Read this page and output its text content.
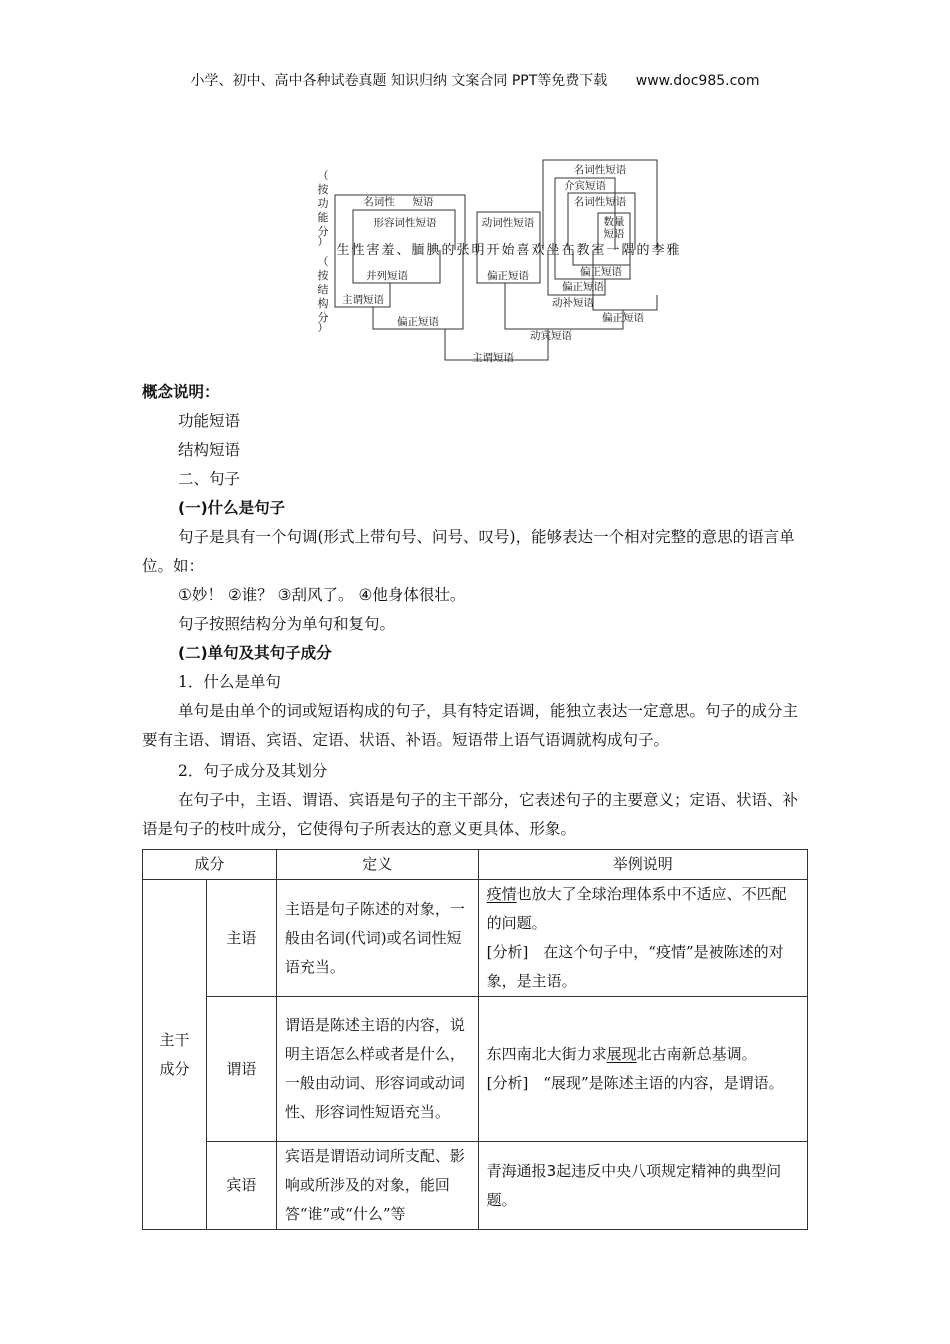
小学、初中、高中各种试卷真题 知识归纳 文案合同 PPT等免费下载 www.doc985.com
（
按
功
能
分
）
（
按
结
构
分
）
名词性 短语
形容词性短语	动词性短语
名词性短语
介宾短语
名词性短语
数量
短语
并列短语
主谓短语
偏正短语
偏正短语	偏正短语
偏正短语
动补短语
偏正短语
动宾短语
主谓短语
生 性 害 羞 、 腼 腆 的 张 明 开 始 喜 欢 坐 在 教 室 一 隅 的 李 雅
概念说明：
功能短语
结构短语
二、句子
(一)什么是句子
句子是具有一个句调(形式上带句号、问号、叹号)，能够表达一个相对完整的意思的语言单位。如：
①妙！ ②谁？ ③刮风了。 ④他身体很壮。
句子按照结构分为单句和复句。
(二)单句及其句子成分
1．什么是单句
单句是由单个的词或短语构成的句子，具有特定语调，能独立表达一定意思。句子的成分主要有主语、谓语、宾语、定语、状语、补语。短语带上语气语调就构成句子。
2．句子成分及其划分
在句子中，主语、谓语、宾语是句子的主干部分，它表述句子的主要意义；定语、状语、补语是句子的枝叶成分，它使得句子所表达的意义更具体、形象。
成分		定义	举例说明
主干成分	主语	主语是句子陈述的对象，一般由名词(代词)或名词性短语充当。	疫情也放大了全球治理体系中不适应、不匹配的问题。
[分析]　在这个句子中，“疫情”是被陈述的对象，是主语。

	谓语	谓语是陈述主语的内容，说明主语怎么样或者是什么，一般由动词、形容词或动词性、形容词性短语充当。	东四南北大街力求展现北古南新总基调。
[分析]　“展现”是陈述主语的内容，是谓语。

	宾语	宾语是谓语动词所支配、影响或所涉及的对象，能回答“谁”或“什么”等	青海通报3起违反中央八项规定精神的典型问题。
